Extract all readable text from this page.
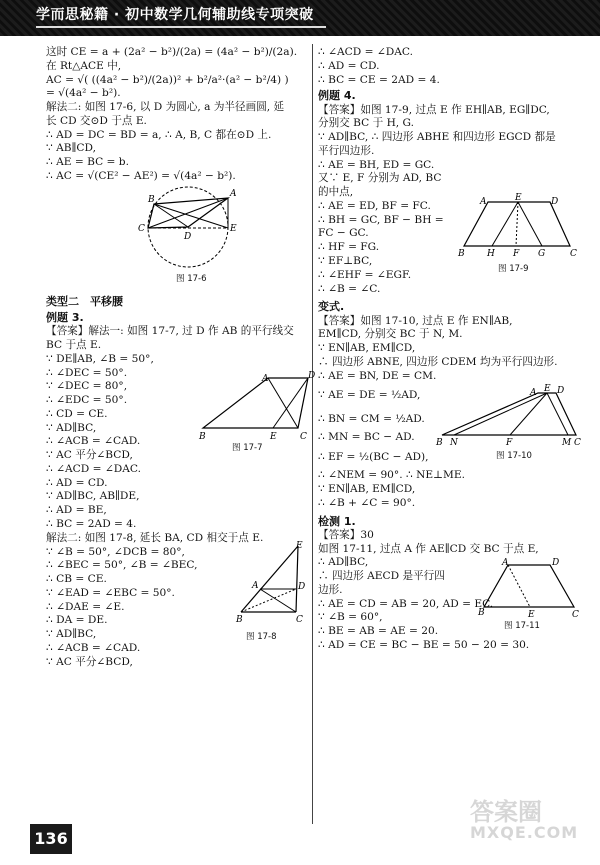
学而思秘籍 · 初中数学几何辅助线专项突破
这时 CE = a + (2a² − b²)/(2a) = (4a² − b²)/(2a).
在 Rt△ACE 中,
AC = √( ((4a² − b²)/(2a))² + b²/a²·(a² − b²/4) )
= √(4a² − b²).
解法二: 如图 17-6, 以 D 为圆心, a 为半径画圆, 延
长 CD 交⊙D 于点 E.
∴ AD = DC = BD = a, ∴ A, B, C 都在⊙D 上.
∵ AB∥CD,
∴ AE = BC = b.
∴ AC = √(CE² − AE²) = √(4a² − b²).
B
A
C
D
E
图 17-6
类型二　平移腰
例题 3.
【答案】解法一: 如图 17-7, 过 D 作 AB 的平行线交
BC 于点 E.
∵ DE∥AB, ∠B = 50°,
∴ ∠DEC = 50°.
∵ ∠DEC = 80°,
∴ ∠EDC = 50°.
∴ CD = CE.
∵ AD∥BC,
∴ ∠ACB = ∠CAD.
∵ AC 平分∠BCD,
∴ ∠ACD = ∠DAC.
∴ AD = CD.
∵ AD∥BC, AB∥DE,
∴ AD = BE,
∴ BC = 2AD = 4.
解法二: 如图 17-8, 延长 BA, CD 相交于点 E.
A	D
B	E	C
图 17-7
∵ ∠B = 50°, ∠DCB = 80°,
∴ ∠BEC = 50°, ∠B = ∠BEC,
∴ CB = CE.
∵ ∠EAD = ∠EBC = 50°.
∴ ∠DAE = ∠E.
∴ DA = DE.
∵ AD∥BC,
∴ ∠ACB = ∠CAD.
∵ AC 平分∠BCD,
E
A	D
B	C
图 17-8
∴ ∠ACD = ∠DAC.
∴ AD = CD.
∴ BC = CE = 2AD = 4.
例题 4.
【答案】如图 17-9, 过点 E 作 EH∥AB, EG∥DC,
分别交 BC 于 H, G.
∵ AD∥BC, ∴ 四边形 ABHE 和四边形 EGCD 都是
平行四边形.
∴ AE = BH, ED = GC.
又∵ E, F 分别为 AD, BC
的中点,
∴ AE = ED, BF = FC.
∴ BH = GC, BF − BH =
FC − GC.
∴ HF = FG.
∵ EF⊥BC,
∴ ∠EHF = ∠EGF.
∴ ∠B = ∠C.
A	E	D
B H F G	C
图 17-9
变式.
【答案】如图 17-10, 过点 E 作 EN∥AB,
EM∥CD, 分别交 BC 于 N, M.
∵ EN∥AB, EM∥CD,
∴ 四边形 ABNE, 四边形 CDEM 均为平行四边形.
∴ AE = BN, DE = CM.
∵ AE = DE = ½AD,	A E D
B N	F	M C
图 17-10
∴ BN = CM = ½AD.
∴ MN = BC − AD.
∴ EF = ½(BC − AD),
∴ ∠NEM = 90°. ∴ NE⊥ME.
∵ EN∥AB, EM∥CD,
∴ ∠B + ∠C = 90°.
检测 1.
【答案】30
如图 17-11, 过点 A 作 AE∥CD 交 BC 于点 E,
∴ AD∥BC,
∴ 四边形 AECD 是平行四
边形.
∴ AE = CD = AB = 20, AD = EC.
∵ ∠B = 60°,
∴ BE = AB = AE = 20.
∴ AD = CE = BC − BE = 50 − 20 = 30.
A	D
B	E	C
图 17-11
136
答案圈
MXQE.COM
